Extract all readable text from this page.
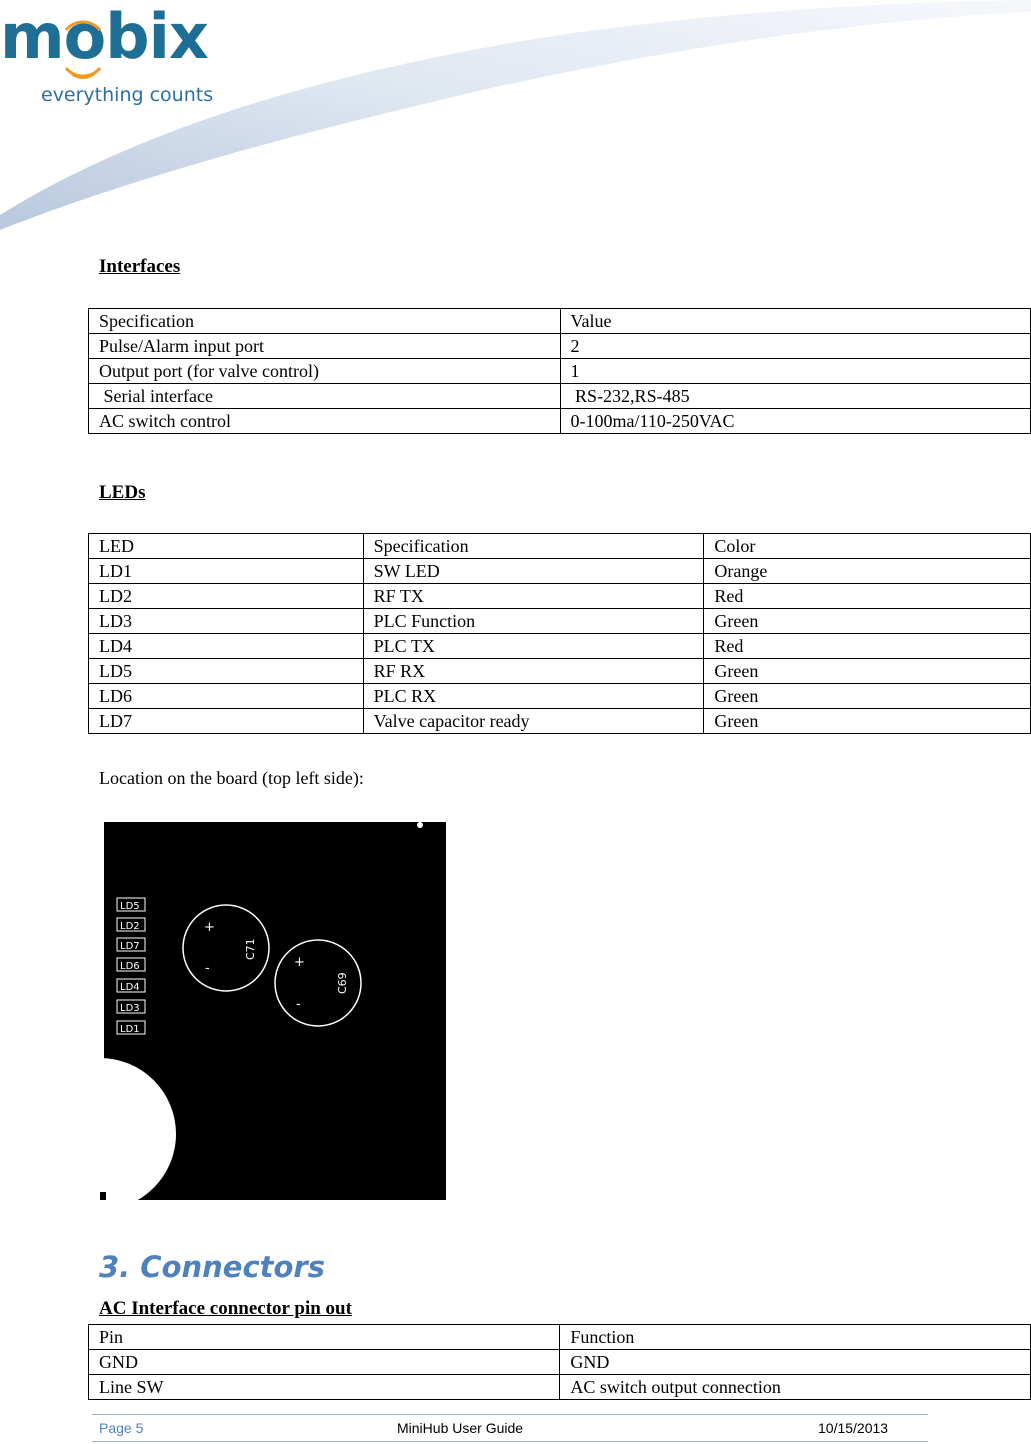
mobix
everything counts
Interfaces
Specification	Value
Pulse/Alarm input port	2
Output port (for valve control)	1
Serial interface	RS-232,RS-485
AC switch control	0-100ma/110-250VAC
LEDs
LED	Specification	Color
LD1	SW LED	Orange
LD2	RF TX	Red
LD3	PLC Function	Green
LD4	PLC TX	Red
LD5	RF RX	Green
LD6	PLC RX	Green
LD7	Valve capacitor ready	Green
Location on the board (top left side):
LD5
LD2
LD7
LD6
LD4
LD3
LD1
+
-
C71
+
-
C69
3. Connectors
AC Interface connector pin out
Pin	Function
GND	GND
Line SW	AC switch output connection
Page 5	MiniHub User Guide	10/15/2013
